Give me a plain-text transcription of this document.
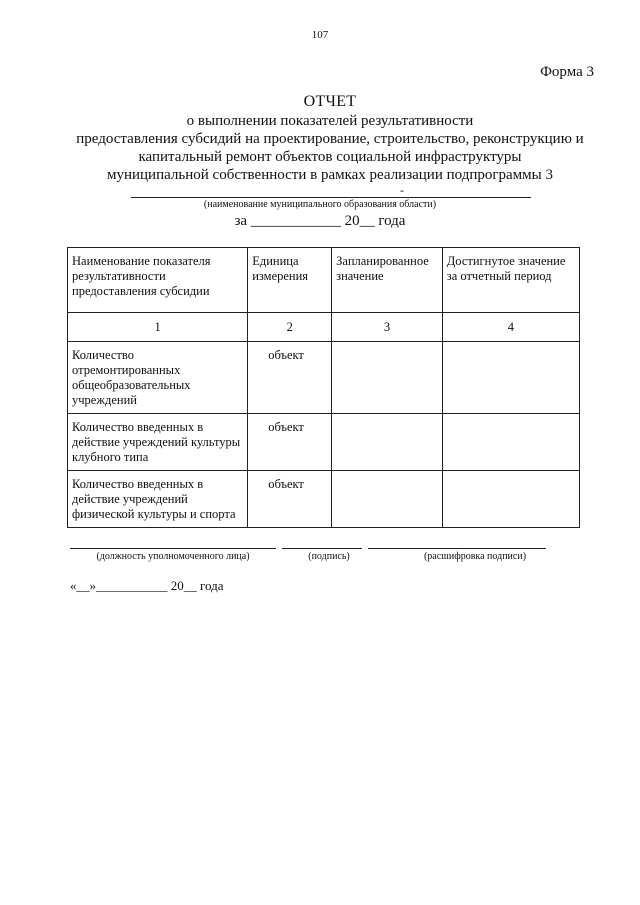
107
Форма 3
ОТЧЕТ
о выполнении показателей результативности
предоставления субсидий на проектирование, строительство, реконструкцию и
капитальный ремонт объектов социальной инфраструктуры
муниципальной собственности в рамках реализации подпрограммы 3
-
(наименование муниципального образования области)
за ____________ 20__ года
Наименование показателя результативности предоставления субсидии	Единица измерения	Запланированное значение	Достигнутое значение за отчетный период
1	2	3	4
Количество отремонтированных общеобразовательных учреждений	объект		
Количество введенных в действие учреждений культуры клубного типа	объект		
Количество введенных в действие учреждений физической культуры и спорта	объект		
(должность уполномоченного лица)	(подпись)	(расшифровка подписи)
«__»___________ 20__ года
